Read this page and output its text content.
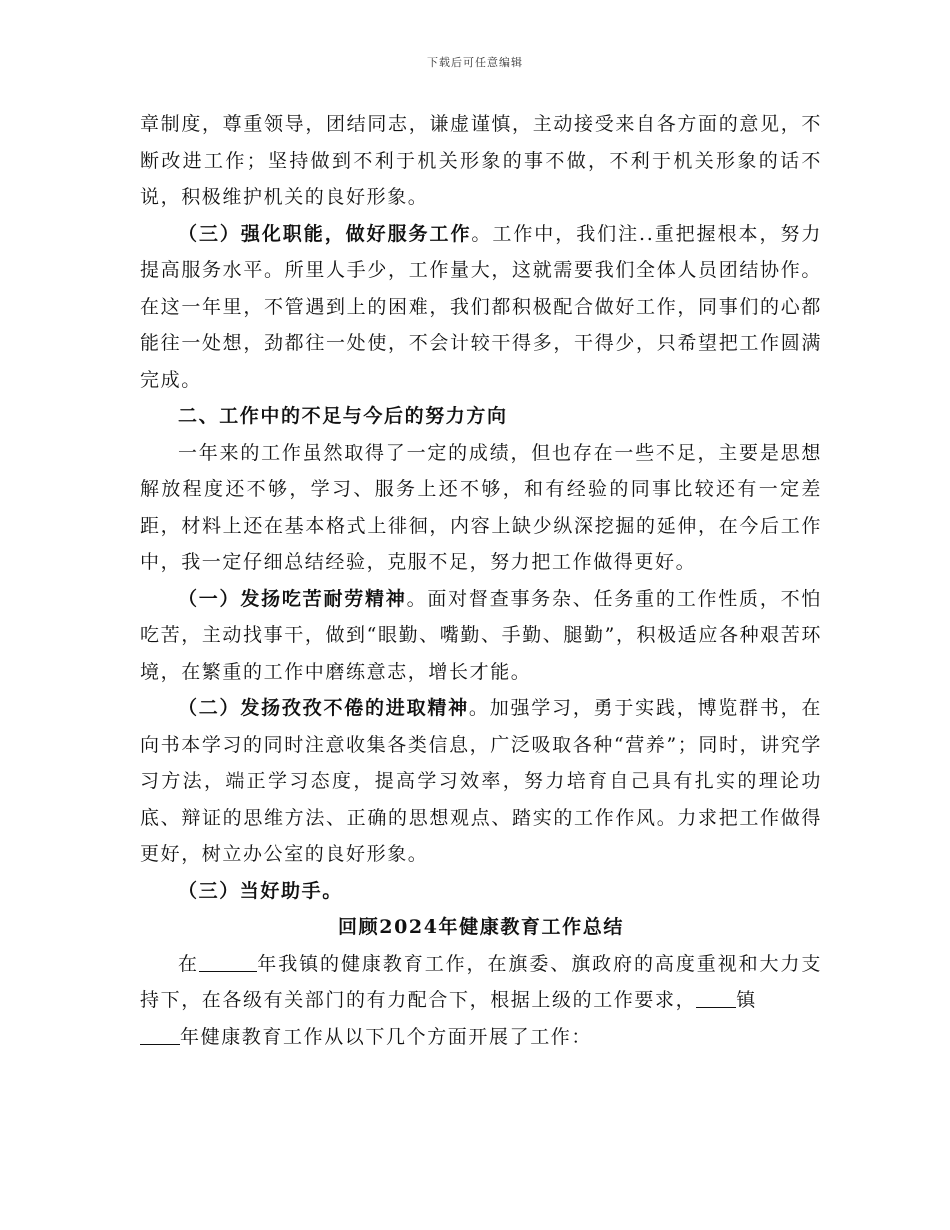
下载后可任意编辑

章制度，尊重领导，团结同志，谦虚谨慎，主动接受来自各方面的意见，不断改进工作；坚持做到不利于机关形象的事不做，不利于机关形象的话不说，积极维护机关的良好形象。

（三）强化职能，做好服务工作。工作中，我们注..重把握根本，努力提高服务水平。所里人手少，工作量大，这就需要我们全体人员团结协作。在这一年里，不管遇到上的困难，我们都积极配合做好工作，同事们的心都能往一处想，劲都往一处使，不会计较干得多，干得少，只希望把工作圆满完成。

二、工作中的不足与今后的努力方向

一年来的工作虽然取得了一定的成绩，但也存在一些不足，主要是思想解放程度还不够，学习、服务上还不够，和有经验的同事比较还有一定差距，材料上还在基本格式上徘徊，内容上缺少纵深挖掘的延伸，在今后工作中，我一定仔细总结经验，克服不足，努力把工作做得更好。

（一）发扬吃苦耐劳精神。面对督查事务杂、任务重的工作性质，不怕吃苦，主动找事干，做到“眼勤、嘴勤、手勤、腿勤”，积极适应各种艰苦环境，在繁重的工作中磨练意志，增长才能。

（二）发扬孜孜不倦的进取精神。加强学习，勇于实践，博览群书，在向书本学习的同时注意收集各类信息，广泛吸取各种“营养”；同时，讲究学习方法，端正学习态度，提高学习效率，努力培育自己具有扎实的理论功底、辩证的思维方法、正确的思想观点、踏实的工作作风。力求把工作做得更好，树立办公室的良好形象。

（三）当好助手。

回顾2024年健康教育工作总结

在	年我镇的健康教育工作，在旗委、旗政府的高度重视和大力支持下，在各级有关部门的有力配合下，根据上级的工作要求， 镇
年健康教育工作从以下几个方面开展了工作：
